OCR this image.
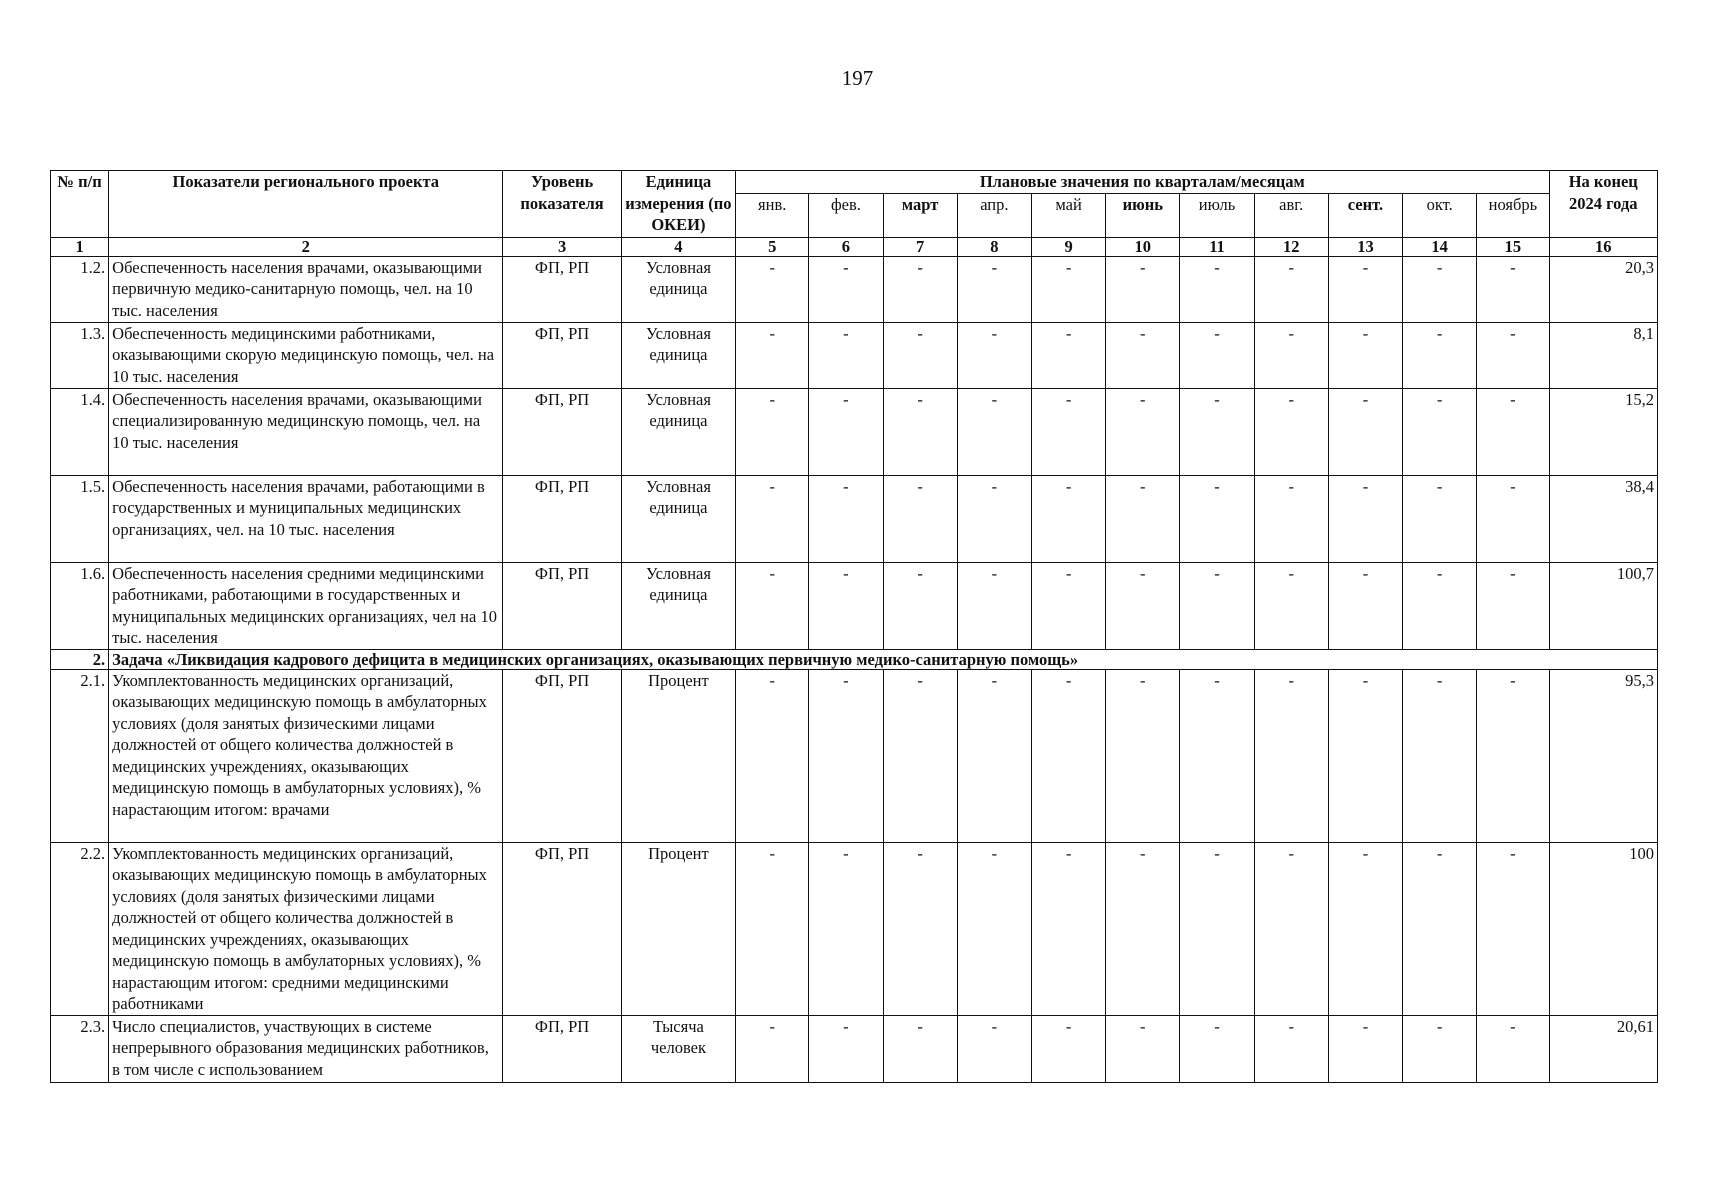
197
№ п/п	Показатели регионального проекта	Уровень показателя	Единица измерения (по ОКЕИ)	Плановые значения по кварталам/месяцам											На конец 2024 года
				янв.	фев.	март	апр.	май	июнь	июль	авг.	сент.	окт.	ноябрь	
1	2	3	4	5	6	7	8	9	10	11	12	13	14	15	16
1.2.	Обеспеченность населения врачами, оказывающими первичную медико-санитарную помощь, чел. на 10 тыс. населения	ФП, РП	Условная единица	-	-	-	-	-	-	-	-	-	-	-	20,3
1.3.	Обеспеченность медицинскими работниками, оказывающими скорую медицинскую помощь, чел. на 10 тыс. населения	ФП, РП	Условная единица	-	-	-	-	-	-	-	-	-	-	-	8,1
1.4.	Обеспеченность населения врачами, оказывающими специализированную медицинскую помощь, чел. на 10 тыс. населения	ФП, РП	Условная единица	-	-	-	-	-	-	-	-	-	-	-	15,2
1.5.	Обеспеченность населения врачами, работающими в государственных и муниципальных медицинских организациях, чел. на 10 тыс. населения	ФП, РП	Условная единица	-	-	-	-	-	-	-	-	-	-	-	38,4
1.6.	Обеспеченность населения средними медицинскими работниками, работающими в государственных и муниципальных медицинских организациях, чел на 10 тыс. населения	ФП, РП	Условная единица	-	-	-	-	-	-	-	-	-	-	-	100,7
2.	Задача «Ликвидация кадрового дефицита в медицинских организациях, оказывающих первичную медико-санитарную помощь»														
2.1.	Укомплектованность медицинских организаций, оказывающих медицинскую помощь в амбулаторных условиях (доля занятых физическими лицами должностей от общего количества должностей в медицинских учреждениях, оказывающих медицинскую помощь в амбулаторных условиях), % нарастающим итогом: врачами	ФП, РП	Процент	-	-	-	-	-	-	-	-	-	-	-	95,3
2.2.	Укомплектованность медицинских организаций, оказывающих медицинскую помощь в амбулаторных условиях (доля занятых физическими лицами должностей от общего количества должностей в медицинских учреждениях, оказывающих медицинскую помощь в амбулаторных условиях), % нарастающим итогом: средними медицинскими работниками	ФП, РП	Процент	-	-	-	-	-	-	-	-	-	-	-	100
2.3.	Число специалистов, участвующих в системе непрерывного образования медицинских работников, в том числе с использованием	ФП, РП	Тысяча человек	-	-	-	-	-	-	-	-	-	-	-	20,61
